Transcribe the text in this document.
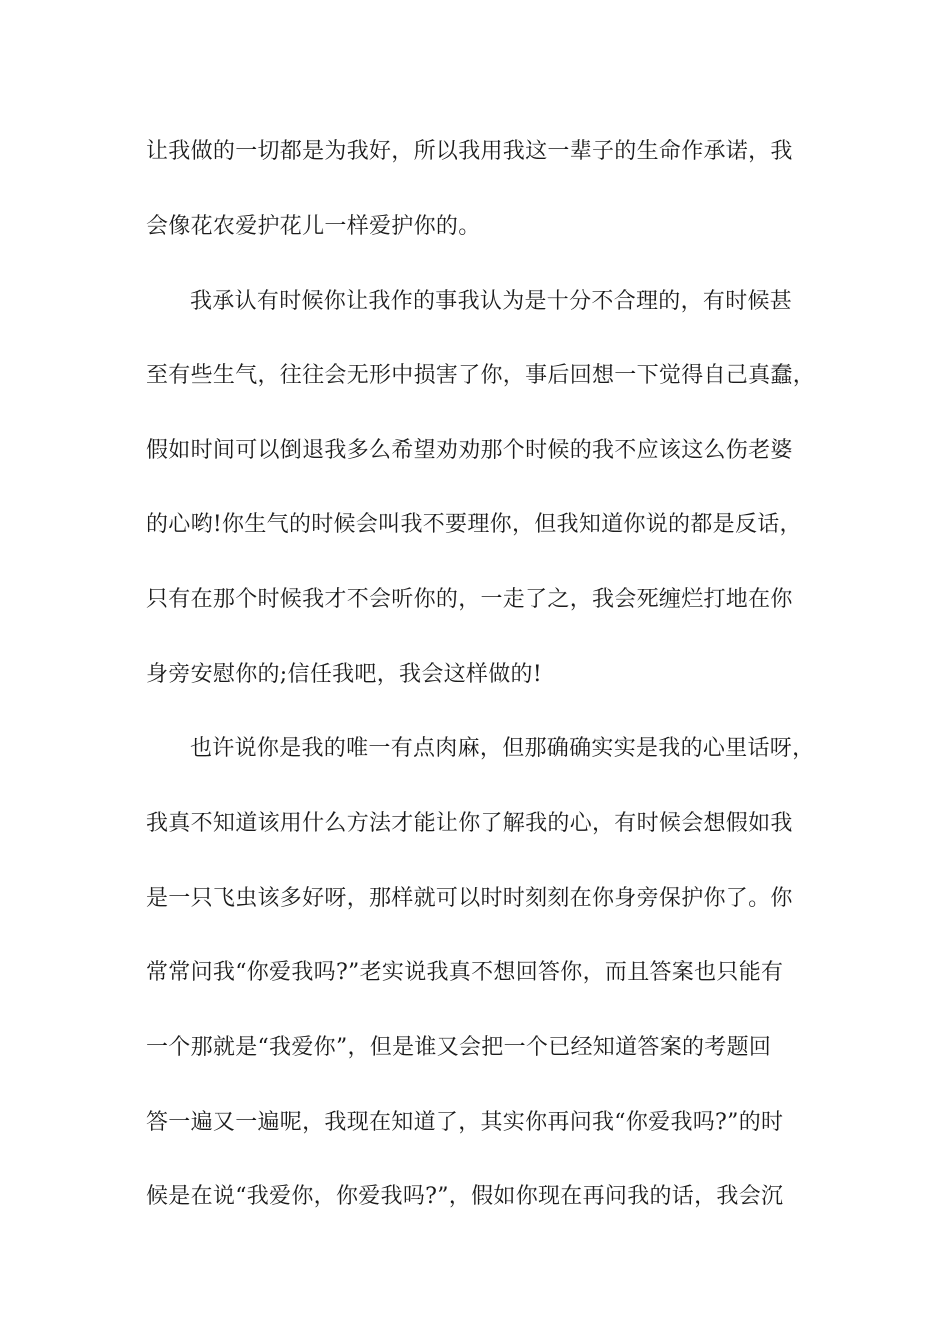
让我做的一切都是为我好，所以我用我这一辈子的生命作承诺，我
会像花农爱护花儿一样爱护你的。
我承认有时候你让我作的事我认为是十分不合理的，有时候甚
至有些生气，往往会无形中损害了你，事后回想一下觉得自己真蠢，
假如时间可以倒退我多么希望劝劝那个时候的我不应该这么伤老婆
的心哟!你生气的时候会叫我不要理你，但我知道你说的都是反话，
只有在那个时候我才不会听你的，一走了之，我会死缠烂打地在你
身旁安慰你的;信任我吧，我会这样做的!
也许说你是我的唯一有点肉麻，但那确确实实是我的心里话呀，
我真不知道该用什么方法才能让你了解我的心，有时候会想假如我
是一只飞虫该多好呀，那样就可以时时刻刻在你身旁保护你了。你
常常问我“你爱我吗?”老实说我真不想回答你，而且答案也只能有
一个那就是“我爱你”，但是谁又会把一个已经知道答案的考题回
答一遍又一遍呢，我现在知道了，其实你再问我“你爱我吗?”的时
候是在说“我爱你，你爱我吗?”，假如你现在再问我的话，我会沉
